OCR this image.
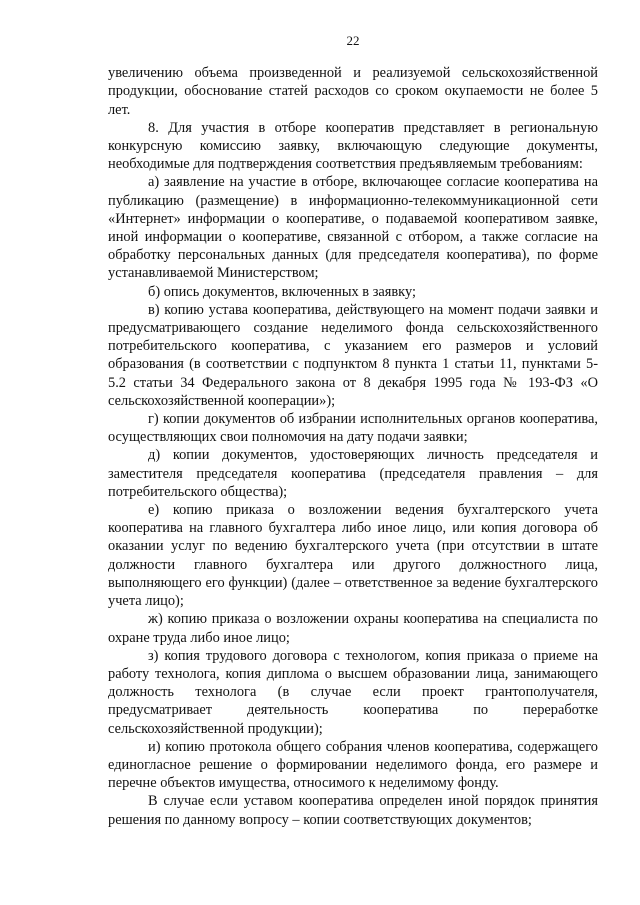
22

увеличению объема произведенной и реализуемой сельскохозяйственной продукции, обоснование статей расходов со сроком окупаемости не более 5 лет.

8. Для участия в отборе кооператив представляет в региональную конкурсную комиссию заявку, включающую следующие документы, необходимые для подтверждения соответствия предъявляемым требованиям:

а) заявление на участие в отборе, включающее согласие кооператива на публикацию (размещение) в информационно-телекоммуникационной сети «Интернет» информации о кооперативе, о подаваемой кооперативом заявке, иной информации о кооперативе, связанной с отбором, а также согласие на обработку персональных данных (для председателя кооператива), по форме устанавливаемой Министерством;

б) опись документов, включенных в заявку;

в) копию устава кооператива, действующего на момент подачи заявки и предусматривающего создание неделимого фонда сельскохозяйственного потребительского кооператива, с указанием его размеров и условий образования (в соответствии с подпунктом 8 пункта 1 статьи 11, пунктами 5-5.2 статьи 34 Федерального закона от 8 декабря 1995 года № 193-ФЗ «О сельскохозяйственной кооперации»);

г) копии документов об избрании исполнительных органов кооператива, осуществляющих свои полномочия на дату подачи заявки;

д) копии документов, удостоверяющих личность председателя и заместителя председателя кооператива (председателя правления – для потребительского общества);

е) копию приказа о возложении ведения бухгалтерского учета кооператива на главного бухгалтера либо иное лицо, или копия договора об оказании услуг по ведению бухгалтерского учета (при отсутствии в штате должности главного бухгалтера или другого должностного лица, выполняющего его функции) (далее – ответственное за ведение бухгалтерского учета лицо);

ж) копию приказа о возложении охраны кооператива на специалиста по охране труда либо иное лицо;

з) копия трудового договора с технологом, копия приказа о приеме на работу технолога, копия диплома о высшем образовании лица, занимающего должность технолога (в случае если проект грантополучателя, предусматривает деятельность кооператива по переработке сельскохозяйственной продукции);

и) копию протокола общего собрания членов кооператива, содержащего единогласное решение о формировании неделимого фонда, его размере и перечне объектов имущества, относимого к неделимому фонду.

В случае если уставом кооператива определен иной порядок принятия решения по данному вопросу – копии соответствующих документов;
